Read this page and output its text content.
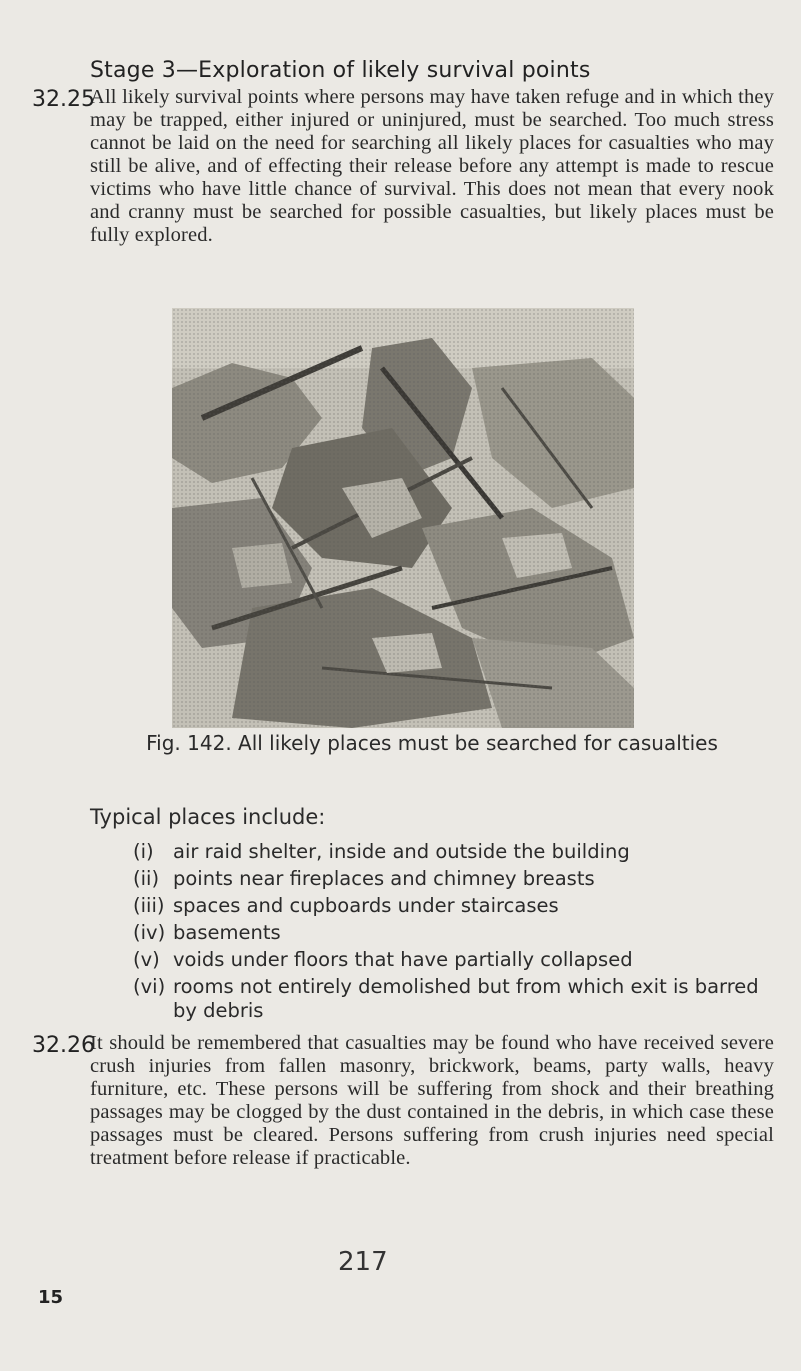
Stage 3—Exploration of likely survival points
32.25
All likely survival points where persons may have taken refuge and in which they may be trapped, either injured or uninjured, must be searched. Too much stress cannot be laid on the need for searching all likely places for casualties who may still be alive, and of effecting their release before any attempt is made to rescue victims who have little chance of survival. This does not mean that every nook and cranny must be searched for possible casualties, but likely places must be fully explored.
Fig. 142. All likely places must be searched for casualties
Typical places include:
(i) air raid shelter, inside and outside the building
(ii) points near fireplaces and chimney breasts
(iii) spaces and cupboards under staircases
(iv) basements
(v) voids under floors that have partially collapsed
(vi) rooms not entirely demolished but from which exit is barred by debris
32.26
It should be remembered that casualties may be found who have received severe crush injuries from fallen masonry, brickwork, beams, party walls, heavy furniture, etc. These persons will be suffering from shock and their breathing passages may be clogged by the dust contained in the debris, in which case these passages must be cleared. Persons suffering from crush injuries need special treatment before release if practicable.
217
15
